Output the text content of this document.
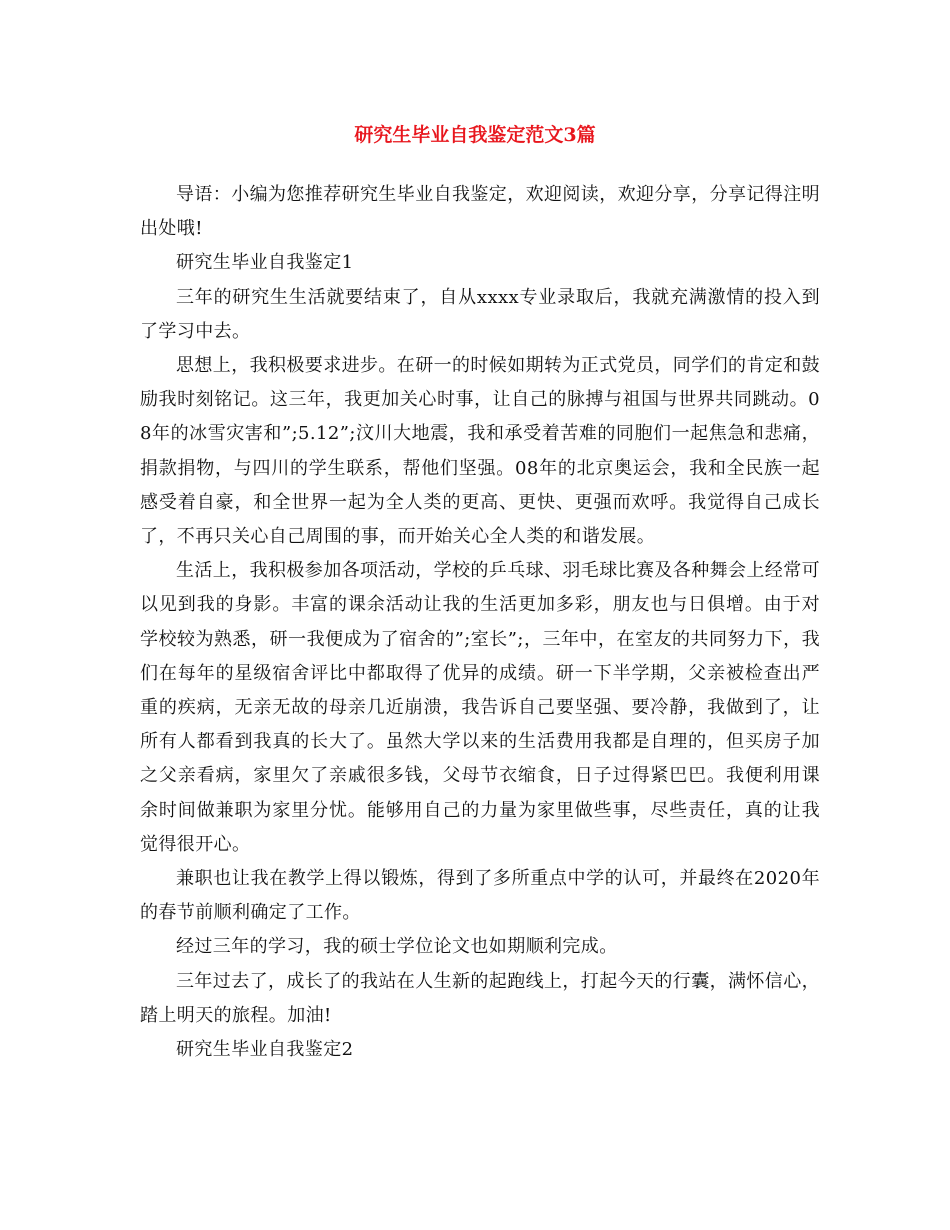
研究生毕业自我鉴定范文3篇

导语：小编为您推荐研究生毕业自我鉴定，欢迎阅读，欢迎分享，分享记得注明出处哦!

研究生毕业自我鉴定1

三年的研究生生活就要结束了，自从xxxx专业录取后，我就充满激情的投入到了学习中去。

思想上，我积极要求进步。在研一的时候如期转为正式党员，同学们的肯定和鼓励我时刻铭记。这三年，我更加关心时事，让自己的脉搏与祖国与世界共同跳动。08年的冰雪灾害和”;5.12”;汶川大地震，我和承受着苦难的同胞们一起焦急和悲痛，捐款捐物，与四川的学生联系，帮他们坚强。08年的北京奥运会，我和全民族一起感受着自豪，和全世界一起为全人类的更高、更快、更强而欢呼。我觉得自己成长了，不再只关心自己周围的事，而开始关心全人类的和谐发展。

生活上，我积极参加各项活动，学校的乒乓球、羽毛球比赛及各种舞会上经常可以见到我的身影。丰富的课余活动让我的生活更加多彩，朋友也与日俱增。由于对学校较为熟悉，研一我便成为了宿舍的”;室长”;，三年中，在室友的共同努力下，我们在每年的星级宿舍评比中都取得了优异的成绩。研一下半学期，父亲被检查出严重的疾病，无亲无故的母亲几近崩溃，我告诉自己要坚强、要冷静，我做到了，让所有人都看到我真的长大了。虽然大学以来的生活费用我都是自理的，但买房子加之父亲看病，家里欠了亲戚很多钱，父母节衣缩食，日子过得紧巴巴。我便利用课余时间做兼职为家里分忧。能够用自己的力量为家里做些事，尽些责任，真的让我觉得很开心。

兼职也让我在教学上得以锻炼，得到了多所重点中学的认可，并最终在2020年的春节前顺利确定了工作。

经过三年的学习，我的硕士学位论文也如期顺利完成。

三年过去了，成长了的我站在人生新的起跑线上，打起今天的行囊，满怀信心，踏上明天的旅程。加油!

研究生毕业自我鉴定2
